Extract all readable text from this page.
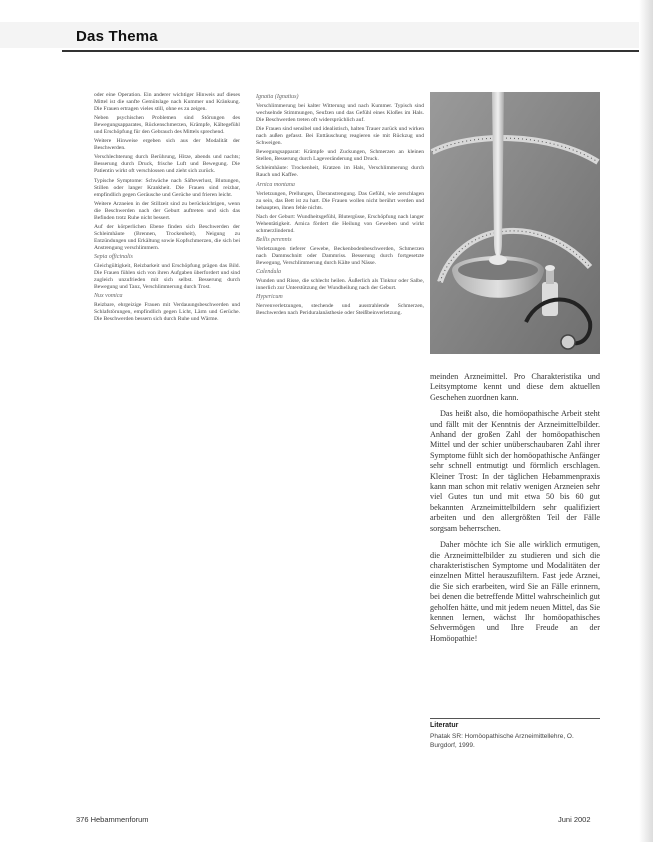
Das Thema

oder eine Operation. Ein anderer wichtiger Hinweis auf dieses Mittel ist die sanfte Gemütslage nach Kummer und Kränkung. Die Frauen ertragen vieles still, ohne es zu zeigen.

Neben psychischen Problemen sind Störungen des Bewegungsapparates, Rückenschmerzen, Krämpfe, Kältegefühl und Erschöpfung für den Gebrauch des Mittels sprechend.

Weitere Hinweise ergeben sich aus der Modalität der Beschwerden.

Verschlechterung durch Berührung, Hitze, abends und nachts; Besserung durch Druck, frische Luft und Bewegung. Die Patientin wirkt oft verschlossen und zieht sich zurück.

Typische Symptome: Schwäche nach Säfteverlust, Blutungen, Stillen oder langer Krankheit. Die Frauen sind reizbar, empfindlich gegen Geräusche und Gerüche und frieren leicht.

Weitere Arzneien in der Stillzeit sind zu berücksichtigen, wenn die Beschwerden nach der Geburt auftreten und sich das Befinden trotz Ruhe nicht bessert.

Auf der körperlichen Ebene finden sich Beschwerden der Schleimhäute (Brennen, Trockenheit), Neigung zu Entzündungen und Erkältung sowie Kopfschmerzen, die sich bei Anstrengung verschlimmern.

Sepia officinalis

Gleichgültigkeit, Reizbarkeit und Erschöpfung prägen das Bild. Die Frauen fühlen sich von ihren Aufgaben überfordert und sind zugleich unzufrieden mit sich selbst. Besserung durch Bewegung und Tanz, Verschlimmerung durch Trost.

Nux vomica

Reizbare, ehrgeizige Frauen mit Verdauungsbeschwerden und Schlafstörungen, empfindlich gegen Licht, Lärm und Gerüche. Die Beschwerden bessern sich durch Ruhe und Wärme.

Ignatia (Ignatius)

Verschlimmerung bei kalter Witterung und nach Kummer. Typisch sind wechselnde Stimmungen, Seufzen und das Gefühl eines Kloßes im Hals. Die Beschwerden treten oft widersprüchlich auf.

Die Frauen sind sensibel und idealistisch, halten Trauer zurück und wirken nach außen gefasst. Bei Enttäuschung reagieren sie mit Rückzug und Schweigen.

Bewegungsapparat: Krämpfe und Zuckungen, Schmerzen an kleinen Stellen, Besserung durch Lageveränderung und Druck.

Schleimhäute: Trockenheit, Kratzen im Hals, Verschlimmerung durch Rauch und Kaffee.

Arnica montana

Verletzungen, Prellungen, Überanstrengung. Das Gefühl, wie zerschlagen zu sein, das Bett ist zu hart. Die Frauen wollen nicht berührt werden und behaupten, ihnen fehle nichts.

Nach der Geburt: Wundheitsgefühl, Blutergüsse, Erschöpfung nach langer Wehentätigkeit. Arnica fördert die Heilung von Geweben und wirkt schmerzlindernd.

Bellis perennis

Verletzungen tieferer Gewebe, Beckenbodenbeschwerden, Schmerzen nach Dammschnitt oder Dammriss. Besserung durch fortgesetzte Bewegung, Verschlimmerung durch Kälte und Nässe.

Calendula

Wunden und Risse, die schlecht heilen. Äußerlich als Tinktur oder Salbe, innerlich zur Unterstützung der Wundheilung nach der Geburt.

Hypericum

Nervenverletzungen, stechende und ausstrahlende Schmerzen, Beschwerden nach Periduralanästhesie oder Steißbeinverletzung.

meinden Arzneimittel. Pro Charakteristika und Leitsymptome kennt und diese dem aktuellen Geschehen zuordnen kann.

Das heißt also, die homöopathische Arbeit steht und fällt mit der Kenntnis der Arzneimittelbilder. Anhand der großen Zahl der homöopathischen Mittel und der schier unüberschaubaren Zahl ihrer Symptome fühlt sich der homöopathische Anfänger sehr schnell entmutigt und förmlich erschlagen. Kleiner Trost: In der täglichen Hebammenpraxis kann man schon mit relativ wenigen Arzneien sehr viel Gutes tun und mit etwa 50 bis 60 gut bekannten Arzneimittelbildern sehr qualifiziert arbeiten und den allergrößten Teil der Fälle sorgsam beherrschen.

Daher möchte ich Sie alle wirklich ermutigen, die Arzneimittelbilder zu studieren und sich die charakteristischen Symptome und Modalitäten der einzelnen Mittel herauszufiltern. Fast jede Arznei, die Sie sich erarbeiten, wird Sie an Fälle erinnern, bei denen die betreffende Mittel wahrscheinlich gut geholfen hätte, und mit jedem neuen Mittel, das Sie kennen lernen, wächst Ihr homöopathisches Sehvermögen und Ihre Freude an der Homöopathie!

Literatur
Phatak SR: Homöopathische Arzneimittellehre, O. Burgdorf, 1999.
376 Hebammenforum	Juni 2002
